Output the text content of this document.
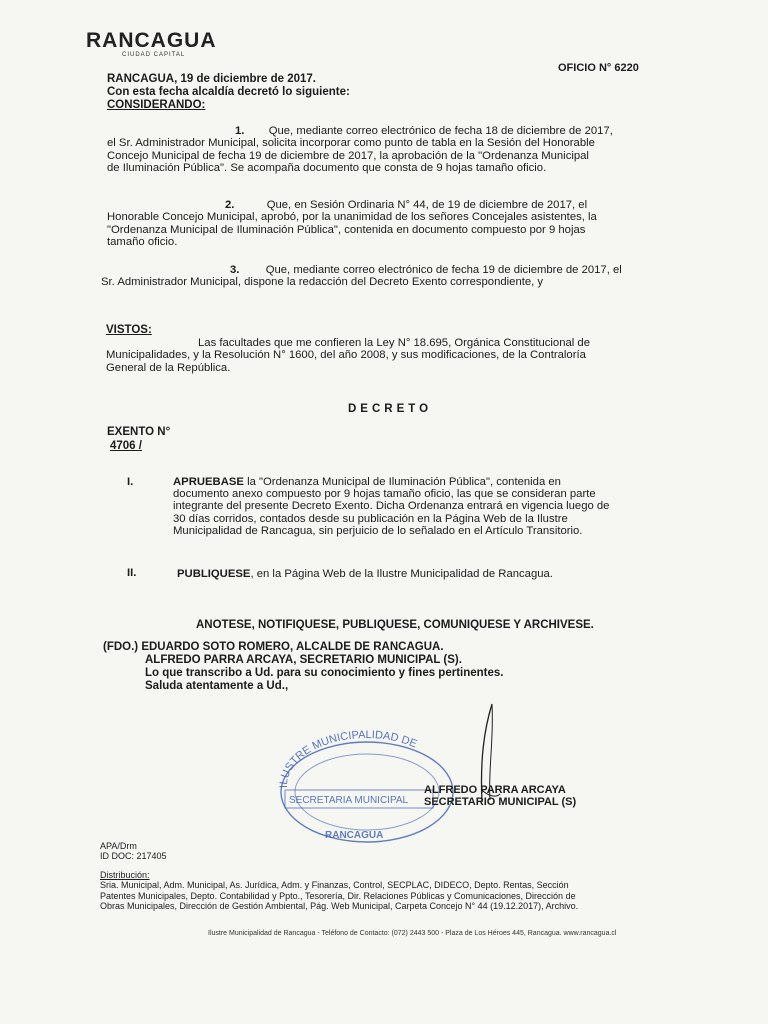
RANCAGUA
CIUDAD CAPITAL
OFICIO N° 6220
RANCAGUA, 19 de diciembre de 2017.
Con esta fecha alcaldía decretó lo siguiente:
CONSIDERANDO:
1. Que, mediante correo electrónico de fecha 18 de diciembre de 2017,
el Sr. Administrador Municipal, solicita incorporar como punto de tabla en la Sesión del Honorable
Concejo Municipal de fecha 19 de diciembre de 2017, la aprobación de la "Ordenanza Municipal
de Iluminación Pública". Se acompaña documento que consta de 9 hojas tamaño oficio.
2.	Que, en Sesión Ordinaria N° 44, de 19 de diciembre de 2017, el
Honorable Concejo Municipal, aprobó, por la unanimidad de los señores Concejales asistentes, la
"Ordenanza Municipal de Iluminación Pública", contenida en documento compuesto por 9 hojas
tamaño oficio.
3. Que, mediante correo electrónico de fecha 19 de diciembre de 2017, el
Sr. Administrador Municipal, dispone la redacción del Decreto Exento correspondiente, y
VISTOS:
Las facultades que me confieren la Ley N° 18.695, Orgánica Constitucional de
Municipalidades, y la Resolución N° 1600, del año 2008, y sus modificaciones, de la Contraloría
General de la República.
DECRETO
EXENTO N°
4706 /
I.	APRUEBASE la "Ordenanza Municipal de Iluminación Pública", contenida en
documento anexo compuesto por 9 hojas tamaño oficio, las que se consideran parte
integrante del presente Decreto Exento. Dicha Ordenanza entrará en vigencia luego de
30 días corridos, contados desde su publicación en la Página Web de la Ilustre
Municipalidad de Rancagua, sin perjuicio de lo señalado en el Artículo Transitorio.
II.	PUBLIQUESE, en la Página Web de la Ilustre Municipalidad de Rancagua.
ANOTESE, NOTIFIQUESE, PUBLIQUESE, COMUNIQUESE Y ARCHIVESE.
(FDO.) EDUARDO SOTO ROMERO, ALCALDE DE RANCAGUA.
ALFREDO PARRA ARCAYA, SECRETARIO MUNICIPAL (S).
Lo que transcribo a Ud. para su conocimiento y fines pertinentes.
Saluda atentamente a Ud.,
ILUSTRE MUNICIPALIDAD DE
SECRETARIA MUNICIPAL
RANCAGUA
ALFREDO PARRA ARCAYA
SECRETARIO MUNICIPAL (S)
APA/Drm
ID DOC: 217405
Distribución:
Sria. Municipal, Adm. Municipal, As. Jurídica, Adm. y Finanzas, Control, SECPLAC, DIDECO, Depto. Rentas, Sección
Patentes Municipales, Depto. Contabilidad y Ppto., Tesorería, Dir. Relaciones Públicas y Comunicaciones, Dirección de
Obras Municipales, Dirección de Gestión Ambiental, Pág. Web Municipal, Carpeta Concejo N° 44 (19.12.2017), Archivo.
Ilustre Municipalidad de Rancagua - Teléfono de Contacto: (072) 2443 500 - Plaza de Los Héroes 445, Rancagua. www.rancagua.cl
